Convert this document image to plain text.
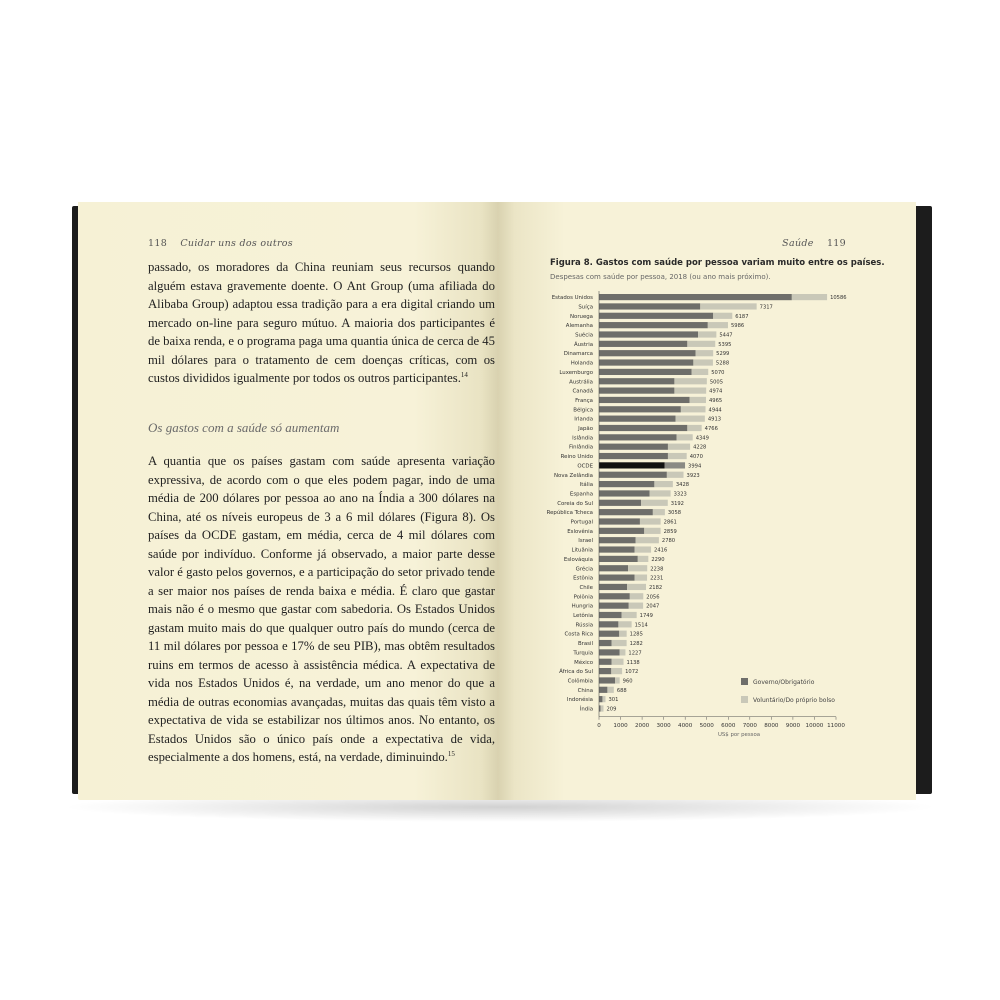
118 Cuidar uns dos outros

passado, os moradores da China reuniam seus recursos quando alguém estava gravemente doente. O Ant Group (uma afiliada do Alibaba Group) adaptou essa tradição para a era digital criando um mercado on-line para seguro mútuo. A maioria dos participantes é de baixa renda, e o programa paga uma quantia única de cerca de 45 mil dólares para o tratamento de cem doenças críticas, com os custos divididos igualmente por todos os outros participantes.$^{14}$

Os gastos com a saúde só aumentam

A quantia que os países gastam com saúde apresenta variação expressiva, de acordo com o que eles podem pagar, indo de uma média de 200 dólares por pessoa ao ano na Índia a 300 dólares na China, até os níveis europeus de 3 a 6 mil dólares (Figura 8). Os países da OCDE gastam, em média, cerca de 4 mil dólares com saúde por indivíduo. Conforme já observado, a maior parte desse valor é gasto pelos governos, e a participação do setor privado tende a ser maior nos países de renda baixa e média. É claro que gastar mais não é o mesmo que gastar com sabedoria. Os Estados Unidos gastam muito mais do que qualquer outro país do mundo (cerca de 11 mil dólares por pessoa e 17% de seu PIB), mas obtêm resultados ruins em termos de acesso à assistência médica. A expectativa de vida nos Estados Unidos é, na verdade, um ano menor do que a média de outras economias avançadas, muitas das quais têm visto a expectativa de vida se estabilizar nos últimos anos. No entanto, os Estados Unidos são o único país onde a expectativa de vida, especialmente a dos homens, está, na verdade, diminuindo.$^{15}$

Saúde 119
Figura 8. Gastos com saúde por pessoa variam muito entre os países.
Despesas com saúde por pessoa, 2018 (ou ano mais próximo).
Estados Unidos	10586
Suíça	7317
Noruega	6187
Alemanha	5986
Suécia	5447
Áustria	5395
Dinamarca	5299
Holanda	5288
Luxemburgo	5070
Austrália	5005
Canadá	4974
França	4965
Bélgica	4944
Irlanda	4913
Japão	4766
Islândia	4349
Finlândia	4228
Reino Unido	4070
OCDE	3994
Nova Zelândia	3923
Itália	3428
Espanha	3323
Coreia do Sul	3192
República Tcheca	3058
Portugal	2861
Eslovênia	2859
Israel	2780
Lituânia	2416
Eslováquia	2290
Grécia	2238
Estônia	2231
Chile	2182
Polônia	2056
Hungria	2047
Letônia	1749
Rússia	1514
Costa Rica	1285
Brasil	1282
Turquia	1227
México	1138
África do Sul	1072
Colômbia	960
China	688
Indonésia	301
Índia	209
0 1000 2000 3000 4000 5000 6000 7000 8000 9000 10000 11000
US$ por pessoa
Governo/Obrigatório
Voluntário/Do próprio bolso
